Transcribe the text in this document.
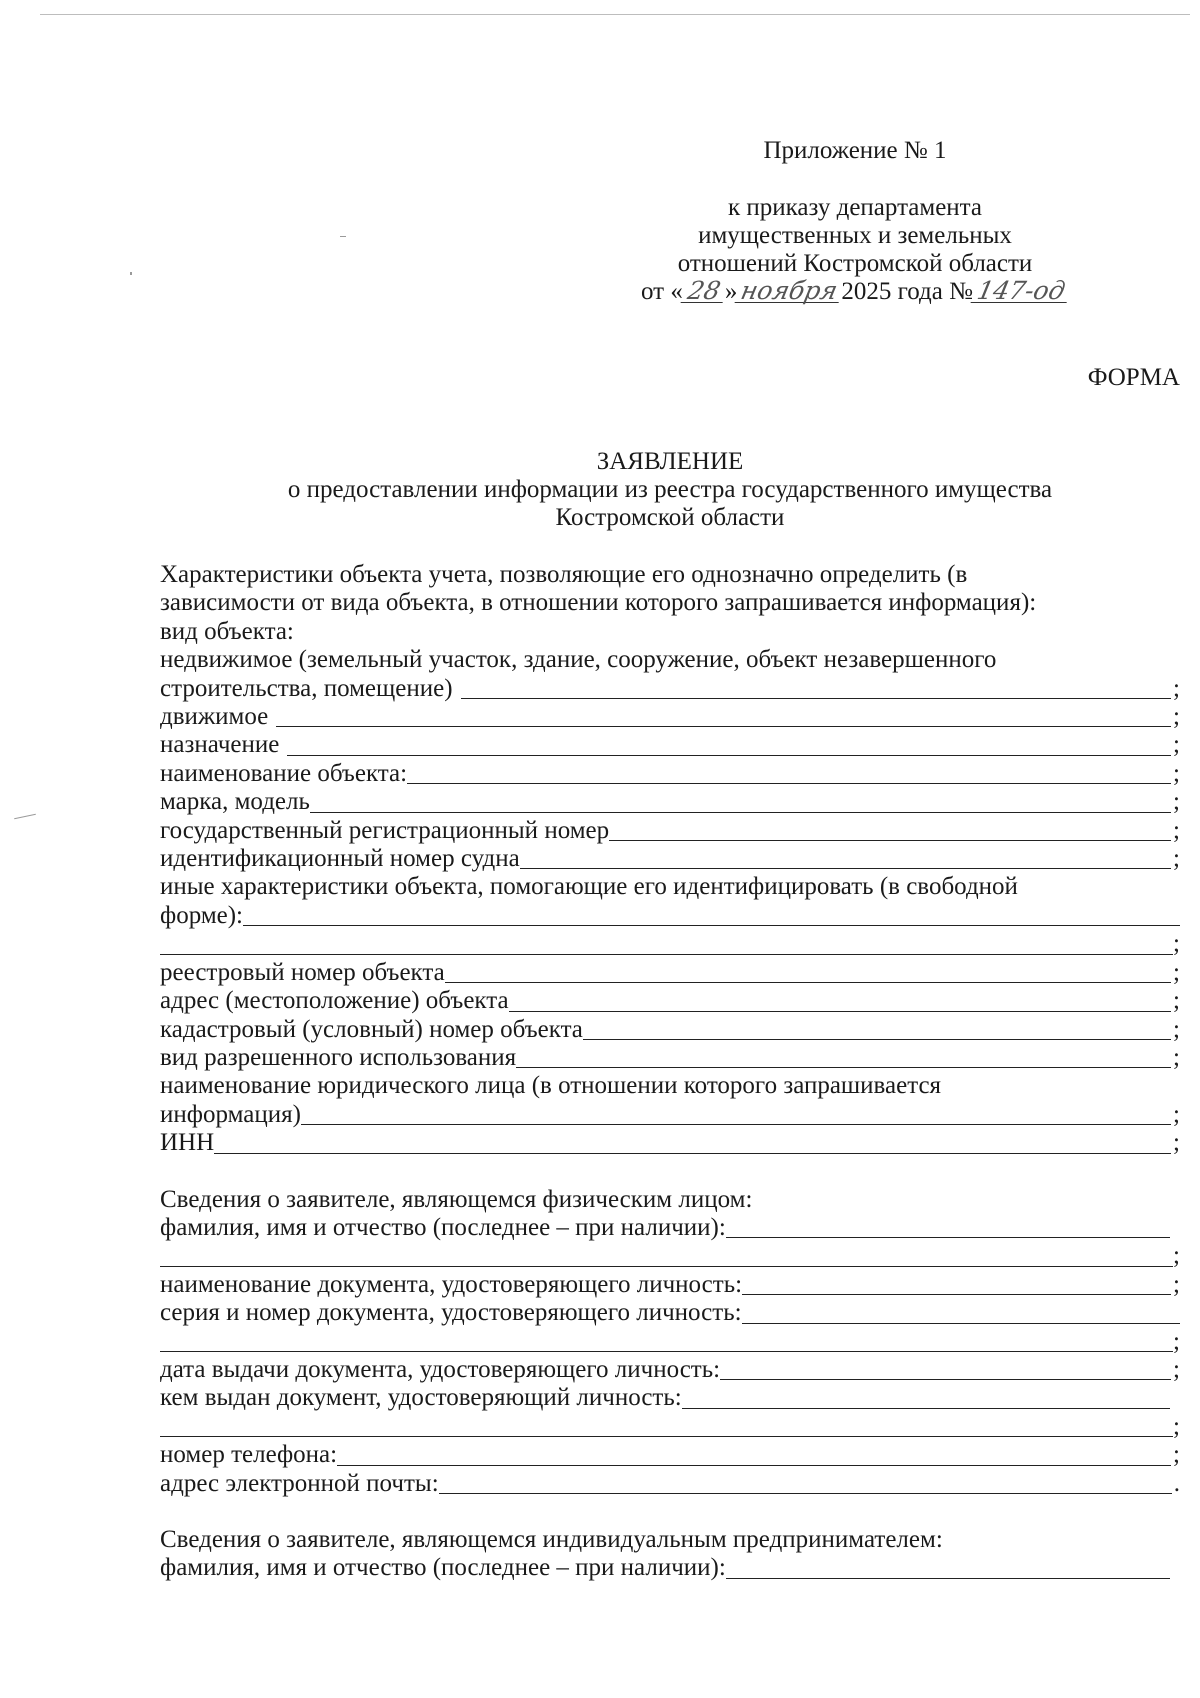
Приложение № 1
к приказу департамента
имущественных и земельных
отношений Костромской области
от «28»ноября2025 года №147-од
ФОРМА
ЗАЯВЛЕНИЕ
о предоставлении информации из реестра государственного имущества
Костромской области
Характеристики объекта учета, позволяющие его однозначно определить (в
зависимости от вида объекта, в отношении которого запрашивается информация):
вид объекта:
недвижимое (земельный участок, здание, сооружение, объект незавершенного
строительства, помещение)	;
движимое	;
назначение	;
наименование объекта:	;
марка, модель	;
государственный регистрационный номер	;
идентификационный номер судна	;
иные характеристики объекта, помогающие его идентифицировать (в свободной
форме):
;
реестровый номер объекта	;
адрес (местоположение) объекта	;
кадастровый (условный) номер объекта	;
вид разрешенного использования	;
наименование юридического лица (в отношении которого запрашивается
информация)	;
ИНН	;
Сведения о заявителе, являющемся физическим лицом:
фамилия, имя и отчество (последнее – при наличии):
;
наименование документа, удостоверяющего личность:	;
серия и номер документа, удостоверяющего личность:
;
дата выдачи документа, удостоверяющего личность:	;
кем выдан документ, удостоверяющий личность:
;
номер телефона:	;
адрес электронной почты:	.
Сведения о заявителе, являющемся индивидуальным предпринимателем:
фамилия, имя и отчество (последнее – при наличии):
